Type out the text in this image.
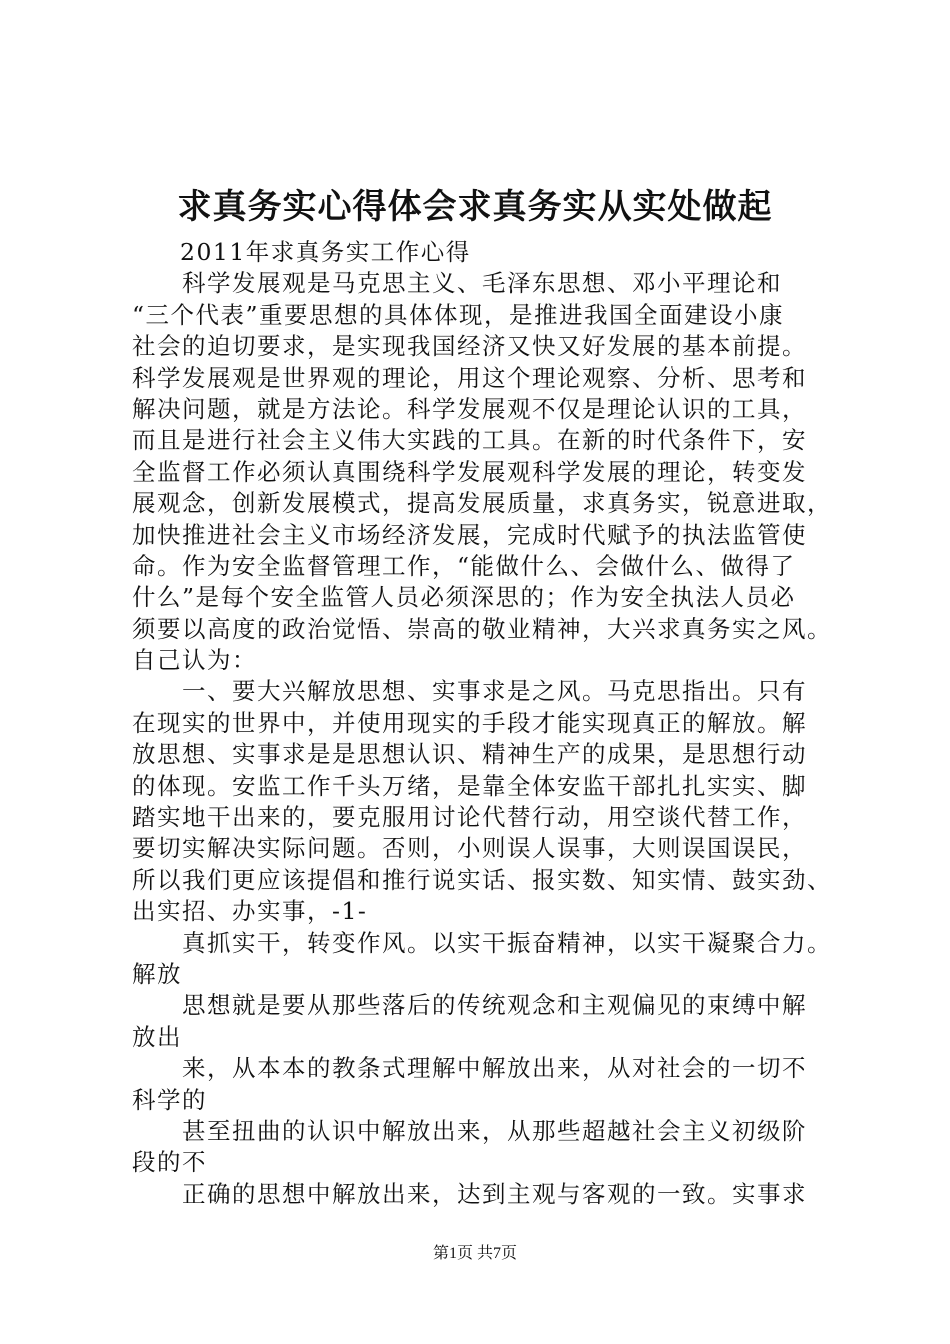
求真务实心得体会求真务实从实处做起
2011年求真务实工作心得
科学发展观是马克思主义、毛泽东思想、邓小平理论和
“三个代表”重要思想的具体体现，是推进我国全面建设小康
社会的迫切要求，是实现我国经济又快又好发展的基本前提。
科学发展观是世界观的理论，用这个理论观察、分析、思考和
解决问题，就是方法论。科学发展观不仅是理论认识的工具，
而且是进行社会主义伟大实践的工具。在新的时代条件下，安
全监督工作必须认真围绕科学发展观科学发展的理论，转变发
展观念，创新发展模式，提高发展质量，求真务实，锐意进取，
加快推进社会主义市场经济发展，完成时代赋予的执法监管使
命。作为安全监督管理工作，“能做什么、会做什么、做得了
什么”是每个安全监管人员必须深思的；作为安全执法人员必
须要以高度的政治觉悟、崇高的敬业精神，大兴求真务实之风。
自己认为：
一、要大兴解放思想、实事求是之风。马克思指出。只有
在现实的世界中，并使用现实的手段才能实现真正的解放。解
放思想、实事求是是思想认识、精神生产的成果，是思想行动
的体现。安监工作千头万绪，是靠全体安监干部扎扎实实、脚
踏实地干出来的，要克服用讨论代替行动，用空谈代替工作，
要切实解决实际问题。否则，小则误人误事，大则误国误民，
所以我们更应该提倡和推行说实话、报实数、知实情、鼓实劲、
出实招、办实事，-1-
真抓实干，转变作风。以实干振奋精神，以实干凝聚合力。
解放
思想就是要从那些落后的传统观念和主观偏见的束缚中解
放出
来，从本本的教条式理解中解放出来，从对社会的一切不
科学的
甚至扭曲的认识中解放出来，从那些超越社会主义初级阶
段的不
正确的思想中解放出来，达到主观与客观的一致。实事求
第1页 共7页
